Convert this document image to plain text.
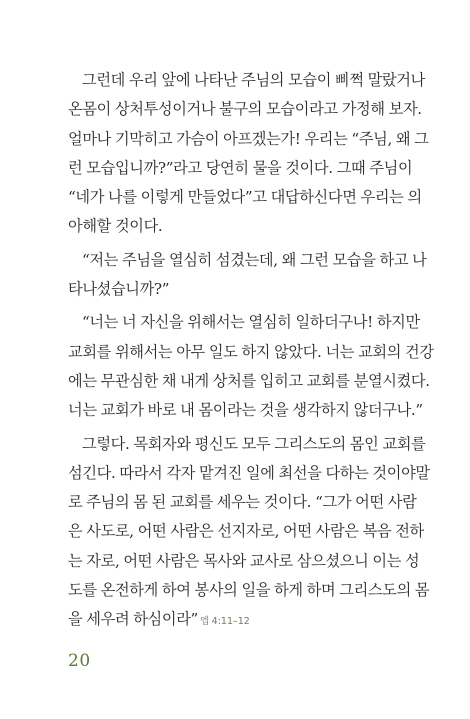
그런데 우리 앞에 나타난 주님의 모습이 삐쩍 말랐거나
온몸이 상처투성이거나 불구의 모습이라고 가정해 보자.
얼마나 기막히고 가슴이 아프겠는가! 우리는 “주님, 왜 그
런 모습입니까?”라고 당연히 물을 것이다. 그때 주님이
“네가 나를 이렇게 만들었다”고 대답하신다면 우리는 의
아해할 것이다.

“저는 주님을 열심히 섬겼는데, 왜 그런 모습을 하고 나
타나셨습니까?”

“너는 너 자신을 위해서는 열심히 일하더구나! 하지만
교회를 위해서는 아무 일도 하지 않았다. 너는 교회의 건강
에는 무관심한 채 내게 상처를 입히고 교회를 분열시켰다.
너는 교회가 바로 내 몸이라는 것을 생각하지 않더구나.”

그렇다. 목회자와 평신도 모두 그리스도의 몸인 교회를
섬긴다. 따라서 각자 맡겨진 일에 최선을 다하는 것이야말
로 주님의 몸 된 교회를 세우는 것이다. “그가 어떤 사람
은 사도로, 어떤 사람은 선지자로, 어떤 사람은 복음 전하
는 자로, 어떤 사람은 목사와 교사로 삼으셨으니 이는 성
도를 온전하게 하여 봉사의 일을 하게 하며 그리스도의 몸
을 세우려 하심이라” 엡 4:11–12

20
